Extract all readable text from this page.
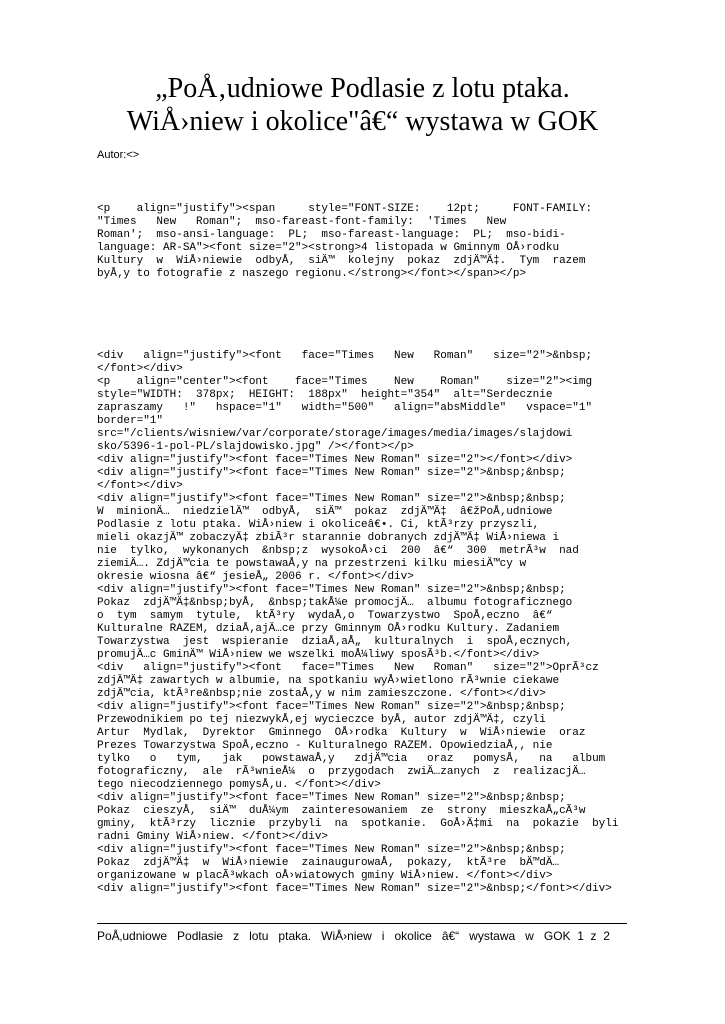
„PoÅ‚udniowe Podlasie z lotu ptaka.
WiÅ›niew i okolice"â€“ wystawa w GOK
Autor:<>
<p    align="justify"><span     style="FONT-SIZE:    12pt;     FONT-FAMILY:
"Times   New   Roman";  mso-fareast-font-family:  'Times   New
Roman';  mso-ansi-language:  PL;  mso-fareast-language:  PL;  mso-bidi-
language: AR-SA"><font size="2"><strong>4 listopada w Gminnym OÅ›rodku
Kultury  w  WiÅ›niewie  odbyÅ‚  siÄ™  kolejny  pokaz  zdjÄ™Ä‡.  Tym  razem
byÅ‚y to fotografie z naszego regionu.</strong></font></span></p>
<div   align="justify"><font   face="Times   New   Roman"   size="2">&nbsp;
</font></div>
<p    align="center"><font    face="Times    New    Roman"    size="2"><img
style="WIDTH:  378px;  HEIGHT:  188px"  height="354"  alt="Serdecznie
zapraszamy   !"   hspace="1"   width="500"   align="absMiddle"   vspace="1"
border="1"
src="/clients/wisniew/var/corporate/storage/images/media/images/slajdowi
sko/5396-1-pol-PL/slajdowisko.jpg" /></font></p>
<div align="justify"><font face="Times New Roman" size="2"></font></div>
<div align="justify"><font face="Times New Roman" size="2">&nbsp;&nbsp;
</font></div>
<div align="justify"><font face="Times New Roman" size="2">&nbsp;&nbsp;
W  minionÄ…  niedzielÄ™  odbyÅ‚  siÄ™  pokaz  zdjÄ™Ä‡  â€žPoÅ‚udniowe
Podlasie z lotu ptaka. WiÅ›niew i okoliceâ€•. Ci, ktÃ³rzy przyszli,
mieli okazjÄ™ zobaczyÄ‡ zbiÃ³r starannie dobranych zdjÄ™Ä‡ WiÅ›niewa i
nie  tylko,  wykonanych  &nbsp;z  wysokoÅ›ci  200  â€“  300  metrÃ³w  nad
ziemiÄ…. ZdjÄ™cia te powstawaÅ‚y na przestrzeni kilku miesiÄ™cy w
okresie wiosna â€“ jesieÅ„ 2006 r. </font></div>
<div align="justify"><font face="Times New Roman" size="2">&nbsp;&nbsp;
Pokaz  zdjÄ™Ä‡&nbsp;byÅ‚  &nbsp;takÅ¼e promocjÄ…  albumu fotograficznego
o  tym  samym  tytule,  ktÃ³ry  wydaÅ‚o  Towarzystwo  SpoÅ‚eczno  â€“
Kulturalne RAZEM, dziaÅ‚ajÄ…ce przy Gminnym OÅ›rodku Kultury. Zadaniem
Towarzystwa  jest  wspieranie  dziaÅ‚aÅ„  kulturalnych  i  spoÅ‚ecznych,
promujÄ…c GminÄ™ WiÅ›niew we wszelki moÅ¼liwy sposÃ³b.</font></div>
<div   align="justify"><font   face="Times   New   Roman"   size="2">OprÃ³cz
zdjÄ™Ä‡ zawartych w albumie, na spotkaniu wyÅ›wietlono rÃ³wnie ciekawe
zdjÄ™cia, ktÃ³re&nbsp;nie zostaÅ‚y w nim zamieszczone. </font></div>
<div align="justify"><font face="Times New Roman" size="2">&nbsp;&nbsp;
Przewodnikiem po tej niezwykÅ‚ej wycieczce byÅ‚ autor zdjÄ™Ä‡, czyli
Artur  Mydlak,  Dyrektor  Gminnego  OÅ›rodka  Kultury  w  WiÅ›niewie  oraz
Prezes Towarzystwa SpoÅ‚eczno - Kulturalnego RAZEM. OpowiedziaÅ‚, nie
tylko   o   tym,   jak   powstawaÅ‚y   zdjÄ™cia   oraz   pomysÅ‚   na   album
fotograficzny,  ale  rÃ³wnieÅ¼  o  przygodach  zwiÄ…zanych  z  realizacjÄ…
tego niecodziennego pomysÅ‚u. </font></div>
<div align="justify"><font face="Times New Roman" size="2">&nbsp;&nbsp;
Pokaz  cieszyÅ‚  siÄ™  duÅ¼ym  zainteresowaniem  ze  strony  mieszkaÅ„cÃ³w
gminy,  ktÃ³rzy  licznie  przybyli  na  spotkanie.  GoÅ›Ä‡mi  na  pokazie  byli
radni Gminy WiÅ›niew. </font></div>
<div align="justify"><font face="Times New Roman" size="2">&nbsp;&nbsp;
Pokaz  zdjÄ™Ä‡  w  WiÅ›niewie  zainaugurowaÅ‚  pokazy,  ktÃ³re  bÄ™dÄ…
organizowane w placÃ³wkach oÅ›wiatowych gminy WiÅ›niew. </font></div>
<div align="justify"><font face="Times New Roman" size="2">&nbsp;</font></div>
PoÅ‚udniowe   Podlasie   z   lotu   ptaka.   WiÅ›niew   i   okolice   â€“   wystawa   w   GOK  1  z  2
